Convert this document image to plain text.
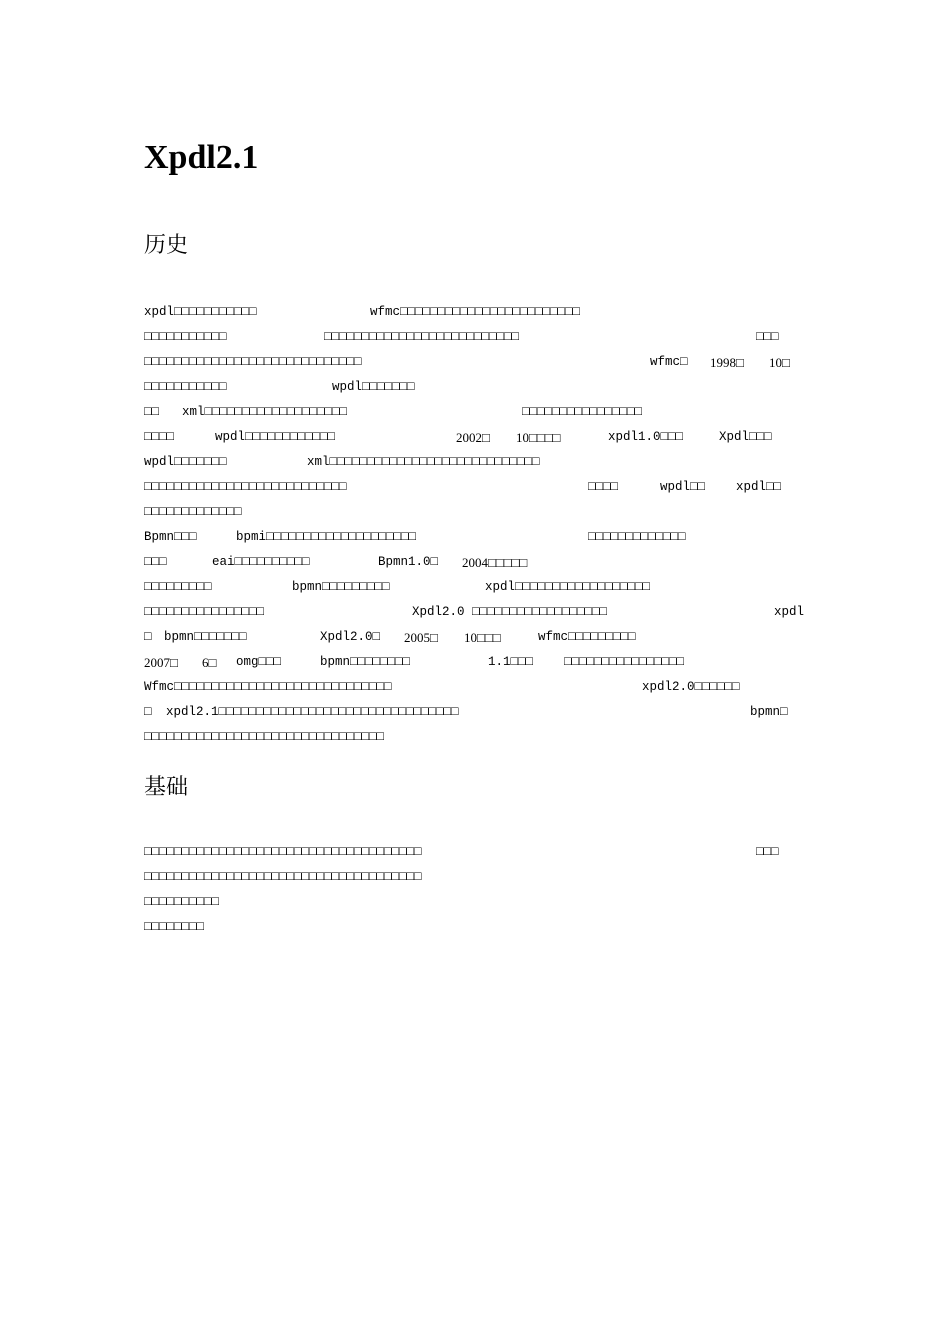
Xpdl2.1
历史
xpdl□□□□□□□□□□□	wfmc□□□□□□□□□□□□□□□□□□□□□□□□
□□□□□□□□□□□	□□□□□□□□□□□□□□□□□□□□□□□□□□	□□□
□□□□□□□□□□□□□□□□□□□□□□□□□□□□□	wfmc□ 1998□ 10□
□□□□□□□□□□□	wpdl□□□□□□□
□□ xml□□□□□□□□□□□□□□□□□□□	□□□□□□□□□□□□□□□□
□□□□	wpdl□□□□□□□□□□□□	2002□ 10□□□□	xpdl1.0□□□	Xpdl□□□
wpdl□□□□□□□	xml□□□□□□□□□□□□□□□□□□□□□□□□□□□□
□□□□□□□□□□□□□□□□□□□□□□□□□□□	□□□□	wpdl□□ xpdl□□
□□□□□□□□□□□□□
Bpmn□□□	bpmi□□□□□□□□□□□□□□□□□□□□	□□□□□□□□□□□□□
□□□	eai□□□□□□□□□□	Bpmn1.0□ 2004□□□□□
□□□□□□□□□	bpmn□□□□□□□□□	xpdl□□□□□□□□□□□□□□□□□□
□□□□□□□□□□□□□□□□	Xpdl2.0 □□□□□□□□□□□□□□□□□□	xpdl
□ bpmn□□□□□□□	Xpdl2.0□ 2005□ 10□□□	wfmc□□□□□□□□□
2007□ 6□ omg□□□	bpmn□□□□□□□□	1.1□□□ □□□□□□□□□□□□□□□□
Wfmc□□□□□□□□□□□□□□□□□□□□□□□□□□□□□	xpdl2.0□□□□□□
□ xpdl2.1□□□□□□□□□□□□□□□□□□□□□□□□□□□□□□□□	bpmn□
□□□□□□□□□□□□□□□□□□□□□□□□□□□□□□□□
基础
□□□□□□□□□□□□□□□□□□□□□□□□□□□□□□□□□□□□□	□□□
□□□□□□□□□□□□□□□□□□□□□□□□□□□□□□□□□□□□□
□□□□□□□□□□
□□□□□□□□
